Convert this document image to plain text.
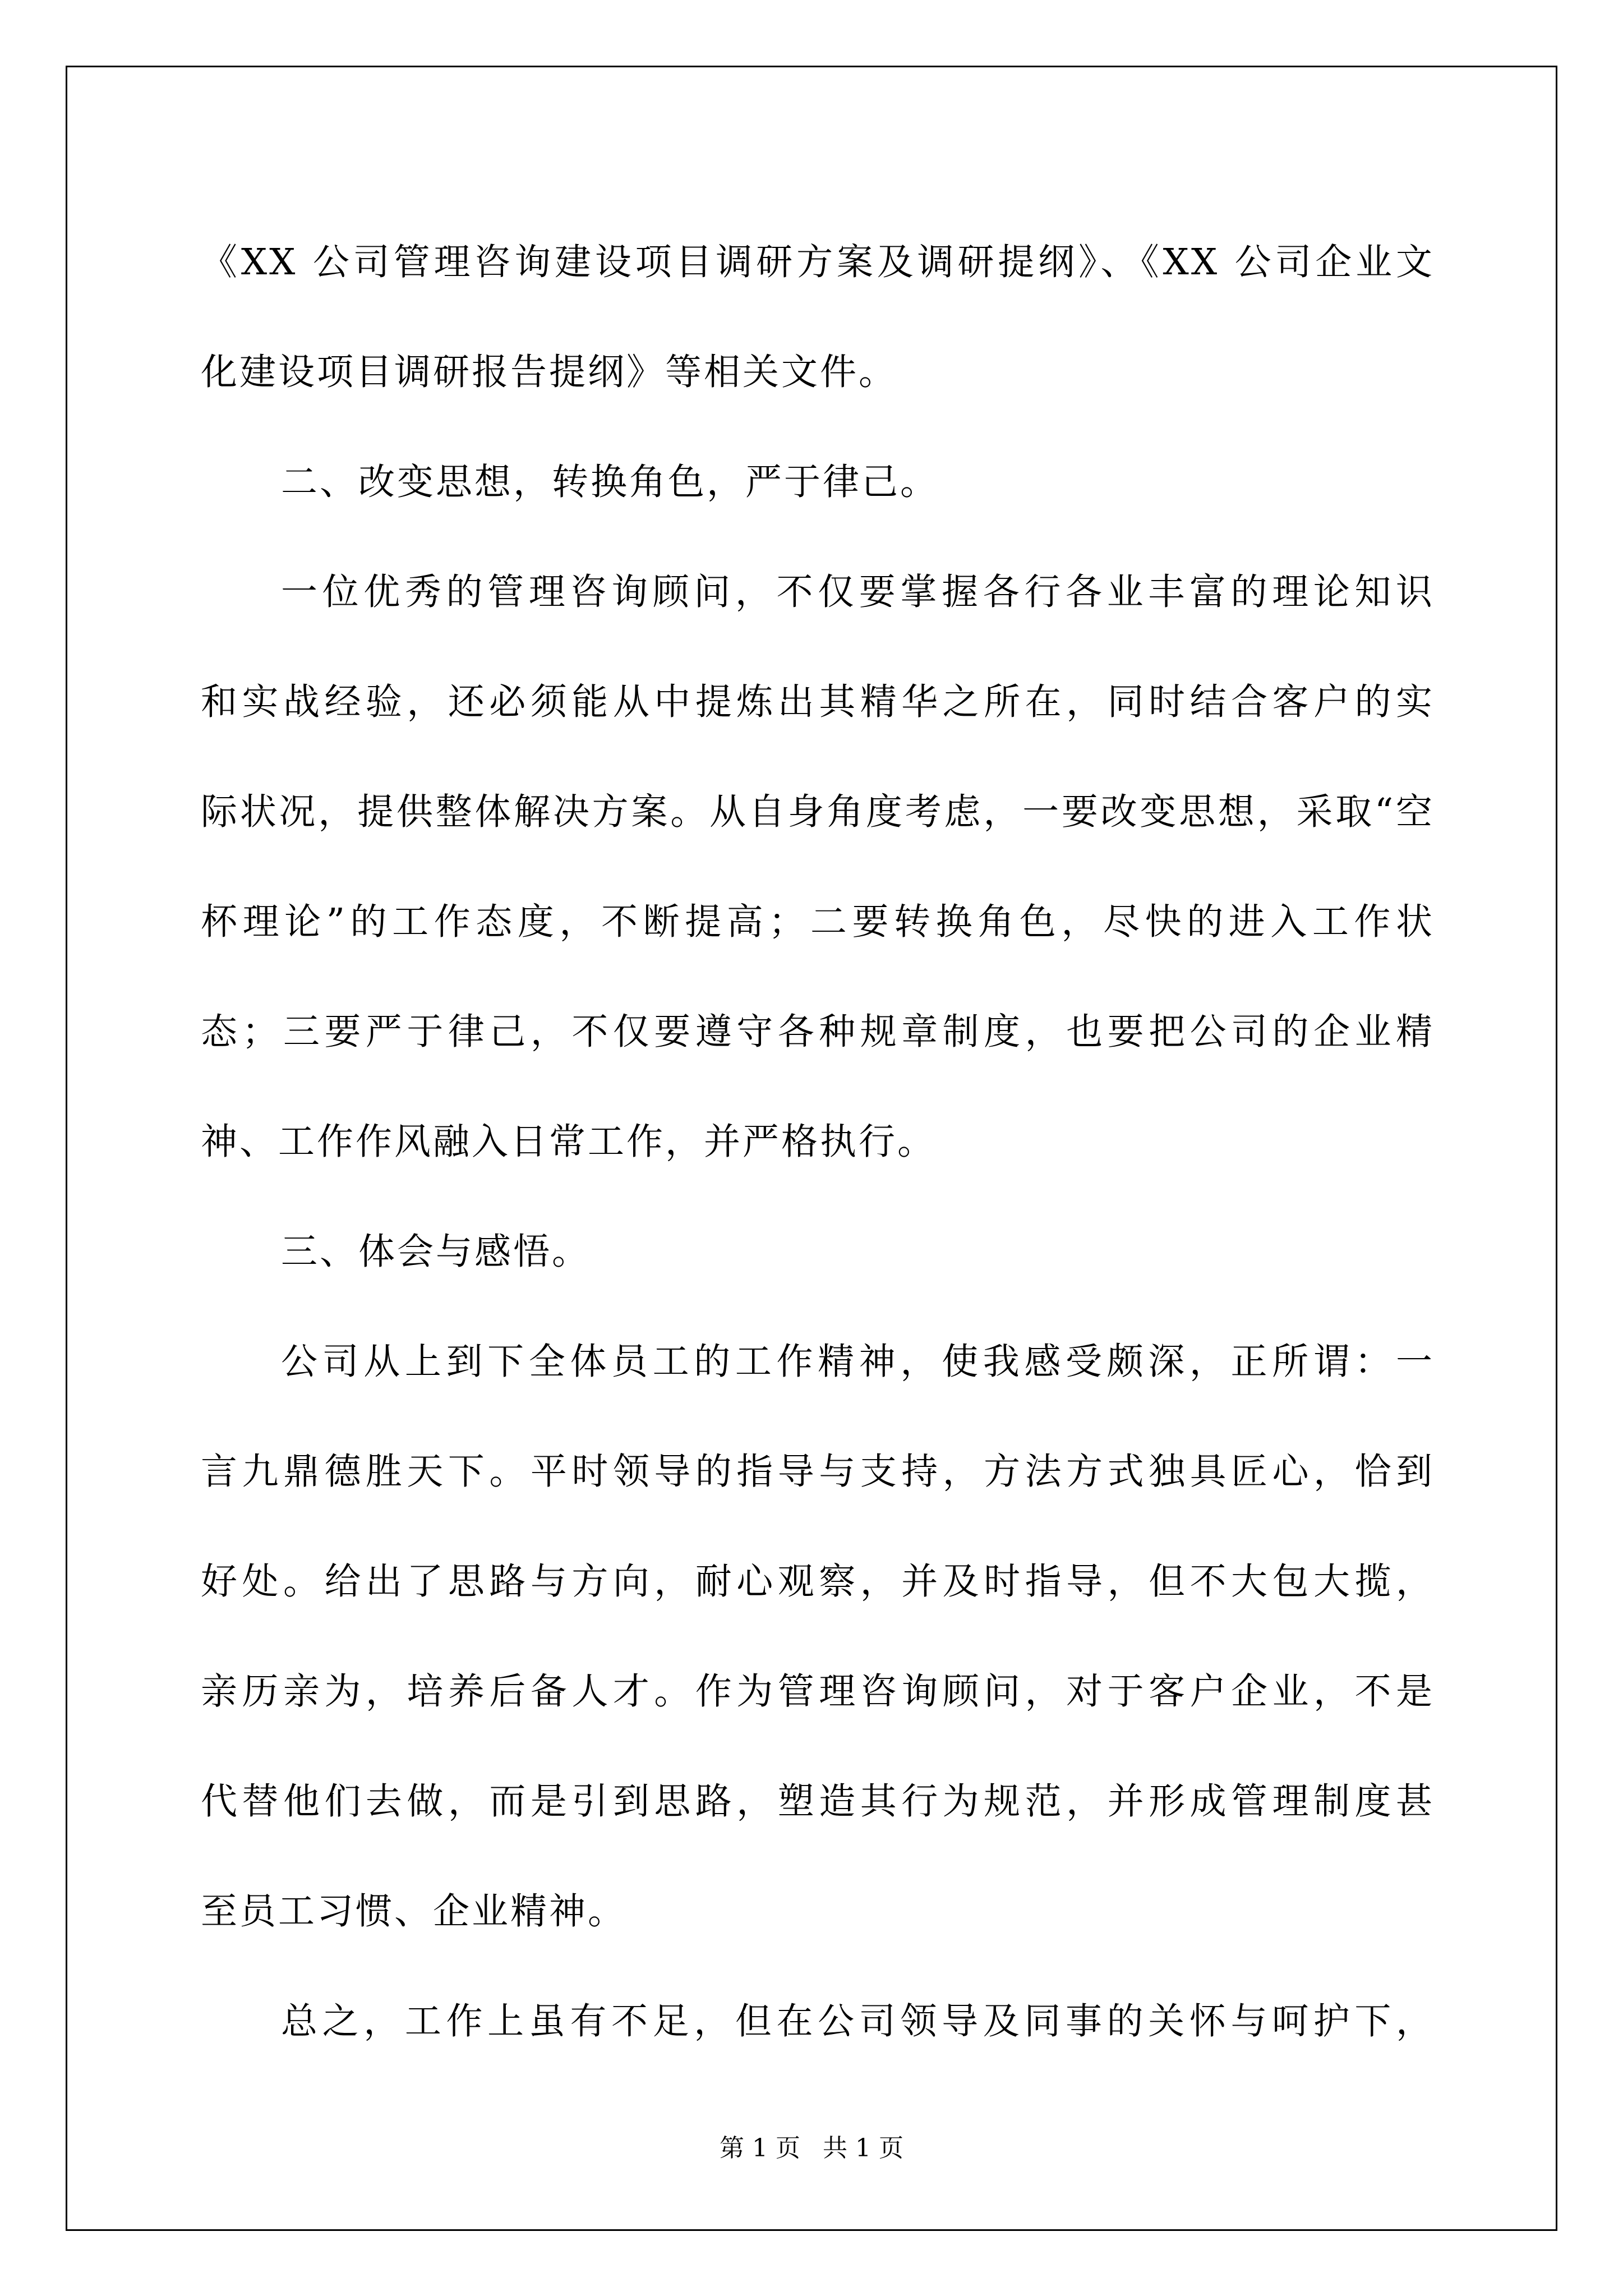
《XX 公司管理咨询建设项目调研方案及调研提纲》、《XX 公司企业文
化建设项目调研报告提纲》等相关文件。
二、改变思想，转换角色，严于律己。
一位优秀的管理咨询顾问，不仅要掌握各行各业丰富的理论知识
和实战经验，还必须能从中提炼出其精华之所在，同时结合客户的实
际状况，提供整体解决方案。从自身角度考虑，一要改变思想，采取“空
杯理论”的工作态度，不断提高；二要转换角色，尽快的进入工作状
态；三要严于律己，不仅要遵守各种规章制度，也要把公司的企业精
神、工作作风融入日常工作，并严格执行。
三、体会与感悟。
公司从上到下全体员工的工作精神，使我感受颇深，正所谓：一
言九鼎德胜天下。平时领导的指导与支持，方法方式独具匠心，恰到
好处。给出了思路与方向，耐心观察，并及时指导，但不大包大揽，
亲历亲为，培养后备人才。作为管理咨询顾问，对于客户企业，不是
代替他们去做，而是引到思路，塑造其行为规范，并形成管理制度甚
至员工习惯、企业精神。
总之，工作上虽有不足，但在公司领导及同事的关怀与呵护下，
第 1 页 共 1 页
